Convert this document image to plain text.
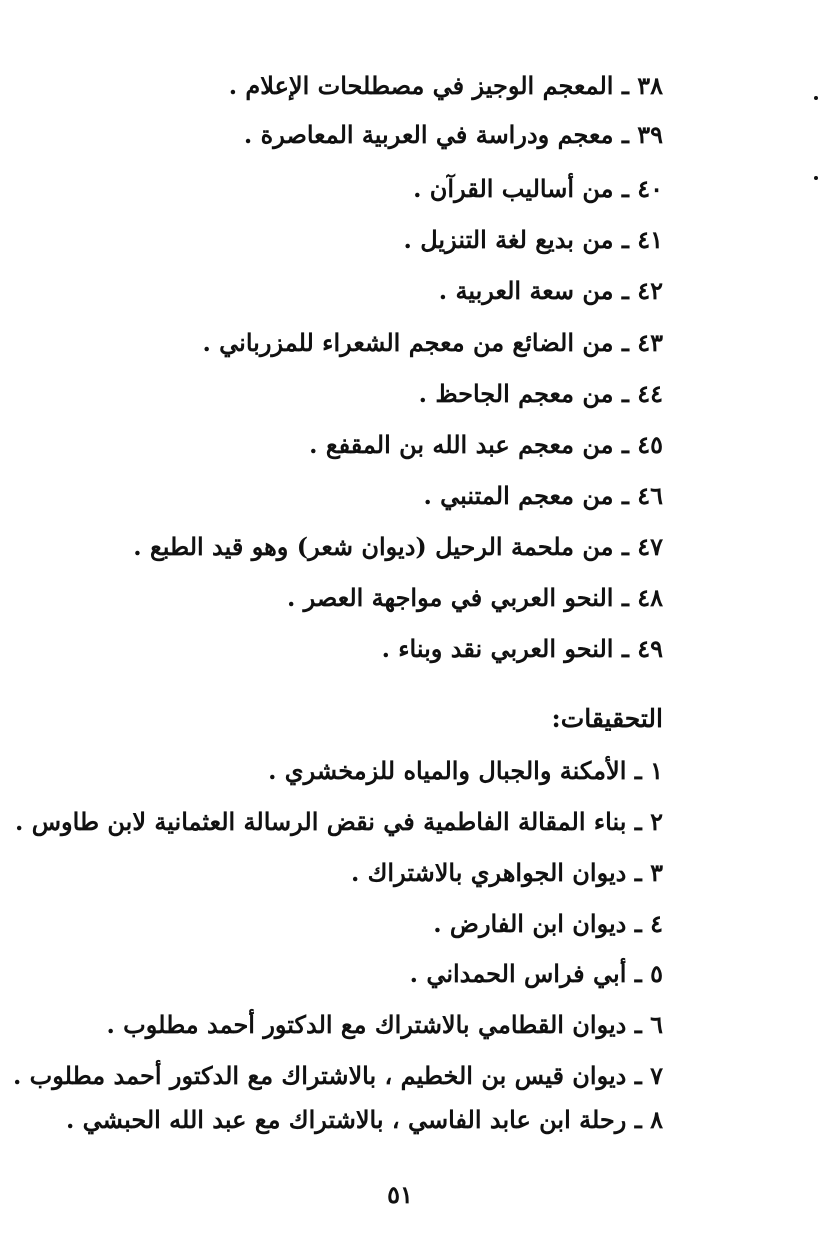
٣٨ ـ المعجم الوجيز في مصطلحات الإعلام .
٣٩ ـ معجم ودراسة في العربية المعاصرة .
٤٠ ـ من أساليب القرآن .
٤١ ـ من بديع لغة التنزيل .
٤٢ ـ من سعة العربية .
٤٣ ـ من الضائع من معجم الشعراء للمزرباني .
٤٤ ـ من معجم الجاحظ .
٤٥ ـ من معجم عبد الله بن المقفع .
٤٦ ـ من معجم المتنبي .
٤٧ ـ من ملحمة الرحيل (ديوان شعر) وهو قيد الطبع .
٤٨ ـ النحو العربي في مواجهة العصر .
٤٩ ـ النحو العربي نقد وبناء .
التحقيقات:
١ ـ الأمكنة والجبال والمياه للزمخشري .
٢ ـ بناء المقالة الفاطمية في نقض الرسالة العثمانية لابن طاوس .
٣ ـ ديوان الجواهري بالاشتراك .
٤ ـ ديوان ابن الفارض .
٥ ـ أبي فراس الحمداني .
٦ ـ ديوان القطامي بالاشتراك مع الدكتور أحمد مطلوب .
٧ ـ ديوان قيس بن الخطيم ، بالاشتراك مع الدكتور أحمد مطلوب .
٨ ـ رحلة ابن عابد الفاسي ، بالاشتراك مع عبد الله الحبشي .
٥١
